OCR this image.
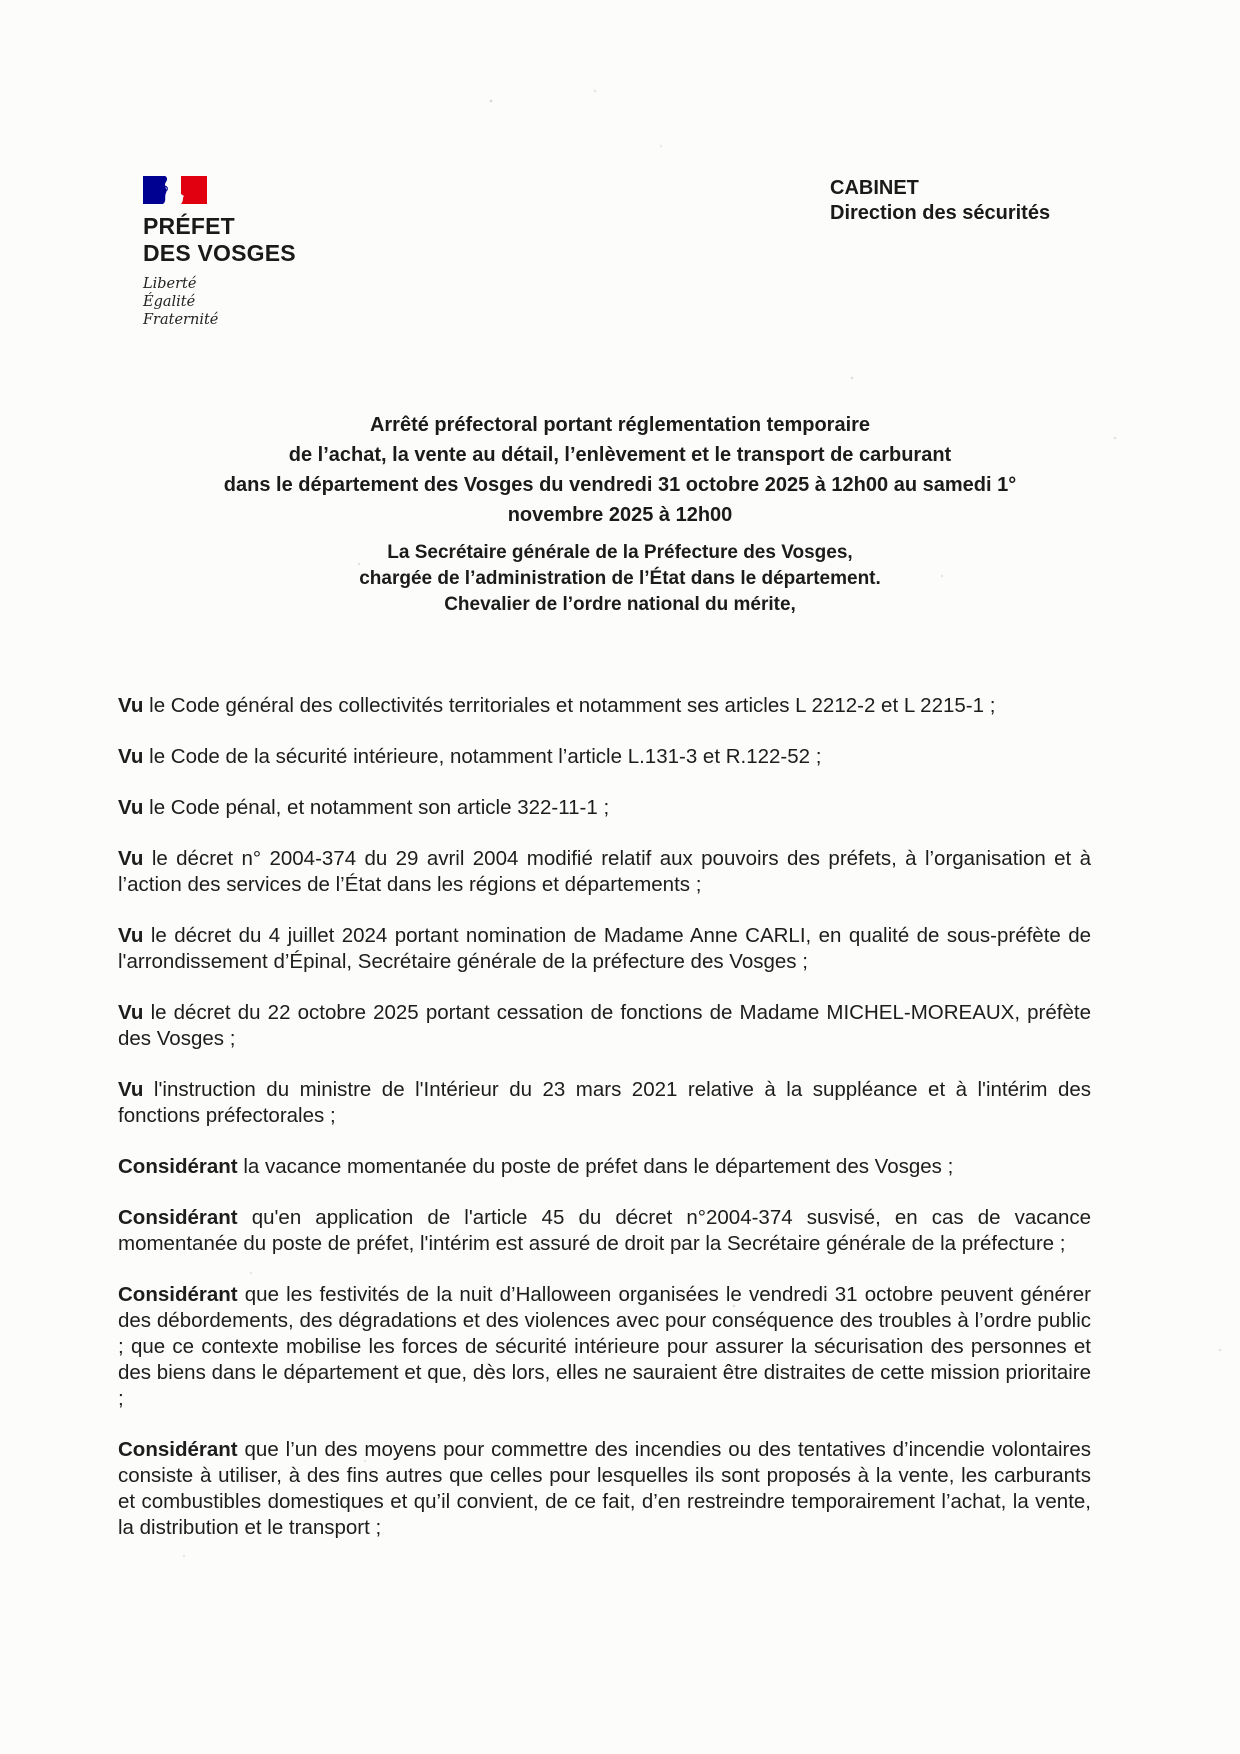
PRÉFET
DES VOSGES
Liberté
Égalité
Fraternité
CABINET
Direction des sécurités
Arrêté préfectoral portant réglementation temporaire
de l’achat, la vente au détail, l’enlèvement et le transport de carburant
dans le département des Vosges du vendredi 31 octobre 2025 à 12h00 au samedi 1°
novembre 2025 à 12h00
La Secrétaire générale de la Préfecture des Vosges,
chargée de l’administration de l’État dans le département.
Chevalier de l’ordre national du mérite,

Vu le Code général des collectivités territoriales et notamment ses articles L 2212-2 et L 2215-1 ;

Vu le Code de la sécurité intérieure, notamment l’article L.131-3 et R.122-52 ;

Vu le Code pénal, et notamment son article 322-11-1 ;

Vu le décret n° 2004-374 du 29 avril 2004 modifié relatif aux pouvoirs des préfets, à l’organisation et à l’action des services de l’État dans les régions et départements ;

Vu le décret du 4 juillet 2024 portant nomination de Madame Anne CARLI, en qualité de sous-préfète de l'arrondissement d’Épinal, Secrétaire générale de la préfecture des Vosges ;

Vu le décret du 22 octobre 2025 portant cessation de fonctions de Madame MICHEL-MOREAUX, préfète des Vosges ;

Vu l'instruction du ministre de l'Intérieur du 23 mars 2021 relative à la suppléance et à l'intérim des fonctions préfectorales ;

Considérant la vacance momentanée du poste de préfet dans le département des Vosges ;

Considérant qu'en application de l'article 45 du décret n°2004-374 susvisé, en cas de vacance momentanée du poste de préfet, l'intérim est assuré de droit par la Secrétaire générale de la préfecture ;

Considérant que les festivités de la nuit d’Halloween organisées le vendredi 31 octobre peuvent générer des débordements, des dégradations et des violences avec pour conséquence des troubles à l’ordre public ; que ce contexte mobilise les forces de sécurité intérieure pour assurer la sécurisation des personnes et des biens dans le département et que, dès lors, elles ne sauraient être distraites de cette mission prioritaire ;

Considérant que l’un des moyens pour commettre des incendies ou des tentatives d’incendie volontaires consiste à utiliser, à des fins autres que celles pour lesquelles ils sont proposés à la vente, les carburants et combustibles domestiques et qu’il convient, de ce fait, d’en restreindre temporairement l’achat, la vente, la distribution et le transport ;
